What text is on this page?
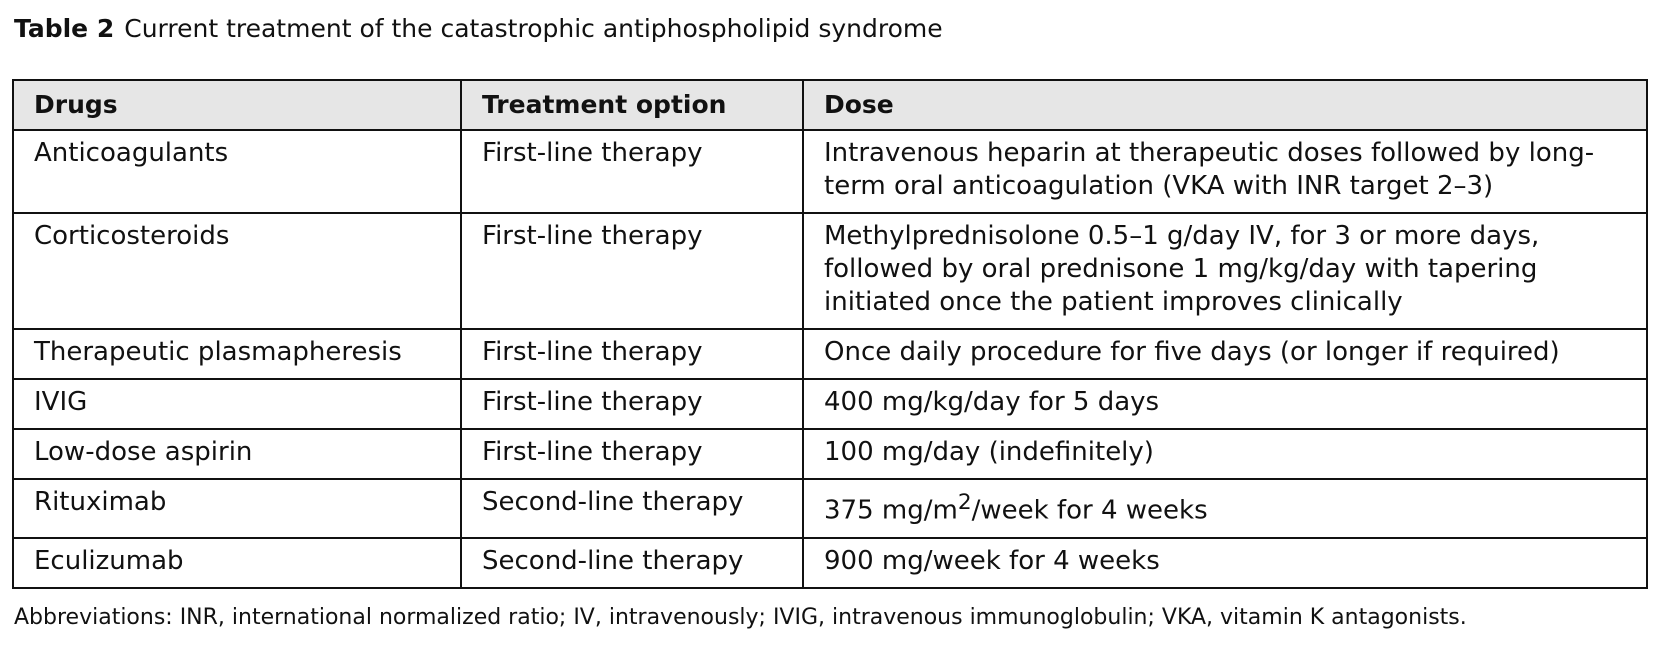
Table 2 Current treatment of the catastrophic antiphospholipid syndrome
Drugs	Treatment option	Dose
Anticoagulants	First-line therapy	Intravenous heparin at therapeutic doses followed by long-term oral anticoagulation (VKA with INR target 2–3)
Corticosteroids	First-line therapy	Methylprednisolone 0.5–1 g/day IV, for 3 or more days, followed by oral prednisone 1 mg/kg/day with tapering initiated once the patient improves clinically
Therapeutic plasmapheresis	First-line therapy	Once daily procedure for five days (or longer if required)
IVIG	First-line therapy	400 mg/kg/day for 5 days
Low-dose aspirin	First-line therapy	100 mg/day (indefinitely)
Rituximab	Second-line therapy	375 $mg/m^2$/week for 4 weeks
Eculizumab	Second-line therapy	900 mg/week for 4 weeks
Abbreviations: INR, international normalized ratio; IV, intravenously; IVIG, intravenous immunoglobulin; VKA, vitamin K antagonists.
